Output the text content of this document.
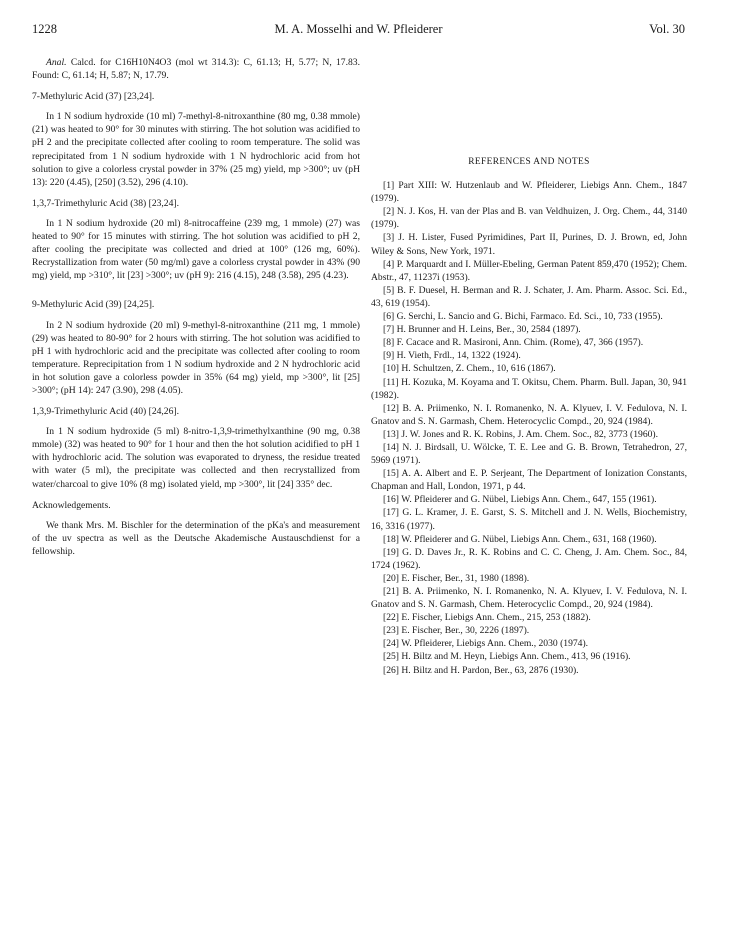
1228	M. A. Mosselhi and W. Pfleiderer	Vol. 30

Anal. Calcd. for C16H10N4O3 (mol wt 314.3): C, 61.13; H, 5.77; N, 17.83. Found: C, 61.14; H, 5.87; N, 17.79.

7-Methyluric Acid (37) [23,24].

In 1 N sodium hydroxide (10 ml) 7-methyl-8-nitroxanthine (80 mg, 0.38 mmole) (21) was heated to 90° for 30 minutes with stirring. The hot solution was acidified to pH 2 and the precipitate collected after cooling to room temperature. The solid was reprecipitated from 1 N sodium hydroxide with 1 N hydrochloric acid from hot solution to give a colorless crystal powder in 37% (25 mg) yield, mp >300°; uv (pH 13): 220 (4.45), [250] (3.52), 296 (4.10).

1,3,7-Trimethyluric Acid (38) [23,24].

In 1 N sodium hydroxide (20 ml) 8-nitrocaffeine (239 mg, 1 mmole) (27) was heated to 90° for 15 minutes with stirring. The hot solution was acidified to pH 2, after cooling the precipitate was collected and dried at 100° (126 mg, 60%). Recrystallization from water (50 mg/ml) gave a colorless crystal powder in 43% (90 mg) yield, mp >310°, lit [23] >300°; uv (pH 9): 216 (4.15), 248 (3.58), 295 (4.23).

9-Methyluric Acid (39) [24,25].

In 2 N sodium hydroxide (20 ml) 9-methyl-8-nitroxanthine (211 mg, 1 mmole) (29) was heated to 80-90° for 2 hours with stirring. The hot solution was acidified to pH 1 with hydrochloric acid and the precipitate was collected after cooling to room temperature. Reprecipitation from 1 N sodium hydroxide and 2 N hydrochloric acid in hot solution gave a colorless powder in 35% (64 mg) yield, mp >300°, lit [25] >300°; (pH 14): 247 (3.90), 298 (4.05).

1,3,9-Trimethyluric Acid (40) [24,26].

In 1 N sodium hydroxide (5 ml) 8-nitro-1,3,9-trimethylxanthine (90 mg, 0.38 mmole) (32) was heated to 90° for 1 hour and then the hot solution acidified to pH 1 with hydrochloric acid. The solution was evaporated to dryness, the residue treated with water (5 ml), the precipitate was collected and then recrystallized from water/charcoal to give 10% (8 mg) isolated yield, mp >300°, lit [24] 335° dec.

Acknowledgements.

We thank Mrs. M. Bischler for the determination of the pKa's and measurement of the uv spectra as well as the Deutsche Akademische Austauschdienst for a fellowship.

REFERENCES AND NOTES

[1] Part XIII: W. Hutzenlaub and W. Pfleiderer, Liebigs Ann. Chem., 1847 (1979).

[2] N. J. Kos, H. van der Plas and B. van Veldhuizen, J. Org. Chem., 44, 3140 (1979).

[3] J. H. Lister, Fused Pyrimidines, Part II, Purines, D. J. Brown, ed, John Wiley & Sons, New York, 1971.

[4] P. Marquardt and I. Müller-Ebeling, German Patent 859,470 (1952); Chem. Abstr., 47, 11237i (1953).

[5] B. F. Duesel, H. Berman and R. J. Schater, J. Am. Pharm. Assoc. Sci. Ed., 43, 619 (1954).

[6] G. Serchi, L. Sancio and G. Bichi, Farmaco. Ed. Sci., 10, 733 (1955).

[7] H. Brunner and H. Leins, Ber., 30, 2584 (1897).

[8] F. Cacace and R. Masironi, Ann. Chim. (Rome), 47, 366 (1957).

[9] H. Vieth, Frdl., 14, 1322 (1924).

[10] H. Schultzen, Z. Chem., 10, 616 (1867).

[11] H. Kozuka, M. Koyama and T. Okitsu, Chem. Pharm. Bull. Japan, 30, 941 (1982).

[12] B. A. Priimenko, N. I. Romanenko, N. A. Klyuev, I. V. Fedulova, N. I. Gnatov and S. N. Garmash, Chem. Heterocyclic Compd., 20, 924 (1984).

[13] J. W. Jones and R. K. Robins, J. Am. Chem. Soc., 82, 3773 (1960).

[14] N. J. Birdsall, U. Wölcke, T. E. Lee and G. B. Brown, Tetrahedron, 27, 5969 (1971).

[15] A. A. Albert and E. P. Serjeant, The Department of Ionization Constants, Chapman and Hall, London, 1971, p 44.

[16] W. Pfleiderer and G. Nübel, Liebigs Ann. Chem., 647, 155 (1961).

[17] G. L. Kramer, J. E. Garst, S. S. Mitchell and J. N. Wells, Biochemistry, 16, 3316 (1977).

[18] W. Pfleiderer and G. Nübel, Liebigs Ann. Chem., 631, 168 (1960).

[19] G. D. Daves Jr., R. K. Robins and C. C. Cheng, J. Am. Chem. Soc., 84, 1724 (1962).

[20] E. Fischer, Ber., 31, 1980 (1898).

[21] B. A. Priimenko, N. I. Romanenko, N. A. Klyuev, I. V. Fedulova, N. I. Gnatov and S. N. Garmash, Chem. Heterocyclic Compd., 20, 924 (1984).

[22] E. Fischer, Liebigs Ann. Chem., 215, 253 (1882).

[23] E. Fischer, Ber., 30, 2226 (1897).

[24] W. Pfleiderer, Liebigs Ann. Chem., 2030 (1974).

[25] H. Biltz and M. Heyn, Liebigs Ann. Chem., 413, 96 (1916).

[26] H. Biltz and H. Pardon, Ber., 63, 2876 (1930).
